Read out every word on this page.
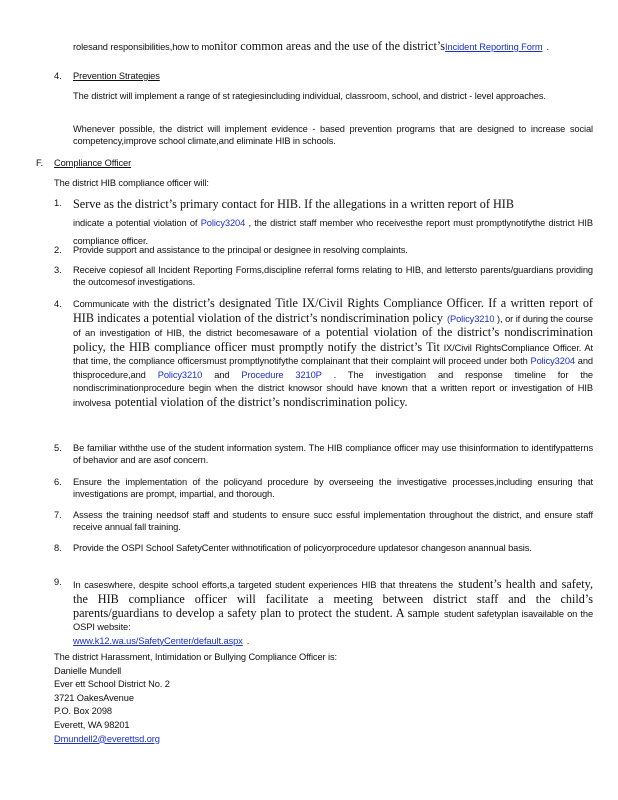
rolesand responsibilities,how to monitor common areas and the use of the district’sIncident Reporting Form .
4. Prevention Strategies
The district will implement a range of st rategiesincluding individual, classroom, school, and district - level approaches.
Whenever possible, the district will implement evidence - based prevention programs that are designed to increase social competency,improve school climate,and eliminate HIB in schools.
F. Compliance Officer
The district HIB compliance officer will:
1. Serve as the district’s primary contact for HIB. If the allegations in a written report of HIB
indicate a potential violation of Policy3204 , the district staff member who receivesthe report must promptlynotifythe district HIB compliance officer.
2. Provide support and assistance to the principal or designee in resolving complaints.
3. Receive copiesof all Incident Reporting Forms,discipline referral forms relating to HIB, and lettersto parents/guardians providing the outcomesof investigations.
4. Communicate with the district’s designated Title IX/Civil Rights Compliance Officer. If a written report of HIB indicates a potential violation of the district’s nondiscrimination policy (Policy3210 ), or if during the course of an investigation of HIB, the district becomesaware of a potential violation of the district’s nondiscrimination policy, the HIB compliance officer must promptly notify the district’s Tit IX/Civil RightsCompliance Officer. At that time, the compliance officersmust promptlynotifythe complainant that their complaint will proceed under both Policy3204 and thisprocedure,and Policy3210 and Procedure 3210P . The investigation and response timeline for the nondiscriminationprocedure begin when the district knowsor should have known that a written report or investigation of HIB involvesa potential violation of the district’s nondiscrimination policy.
5. Be familiar withthe use of the student information system. The HIB compliance officer may use thisinformation to identifypatterns of behavior and are asof concern.
6. Ensure the implementation of the policyand procedure by overseeing the investigative processes,including ensuring that investigations are prompt, impartial, and thorough.
7. Assess the training needsof staff and students to ensure succ essful implementation throughout the district, and ensure staff receive annual fall training.
8. Provide the OSPI School SafetyCenter withnotification of policyorprocedure updatesor changeson anannual basis.
9. In caseswhere, despite school efforts,a targeted student experiences HIB that threatens the student’s health and safety, the HIB compliance officer will facilitate a meeting between district staff and the child’s parents/guardians to develop a safety plan to protect the student. A sample student safetyplan isavailable on the OSPI website:
www.k12.wa.us/SafetyCenter/default.aspx .
The district Harassment, Intimidation or Bullying Compliance Officer is:
Danielle Mundell
Ever ett School District No. 2
3721 OakesAvenue
P.O. Box 2098
Everett, WA 98201
Dmundell2@everettsd.org
